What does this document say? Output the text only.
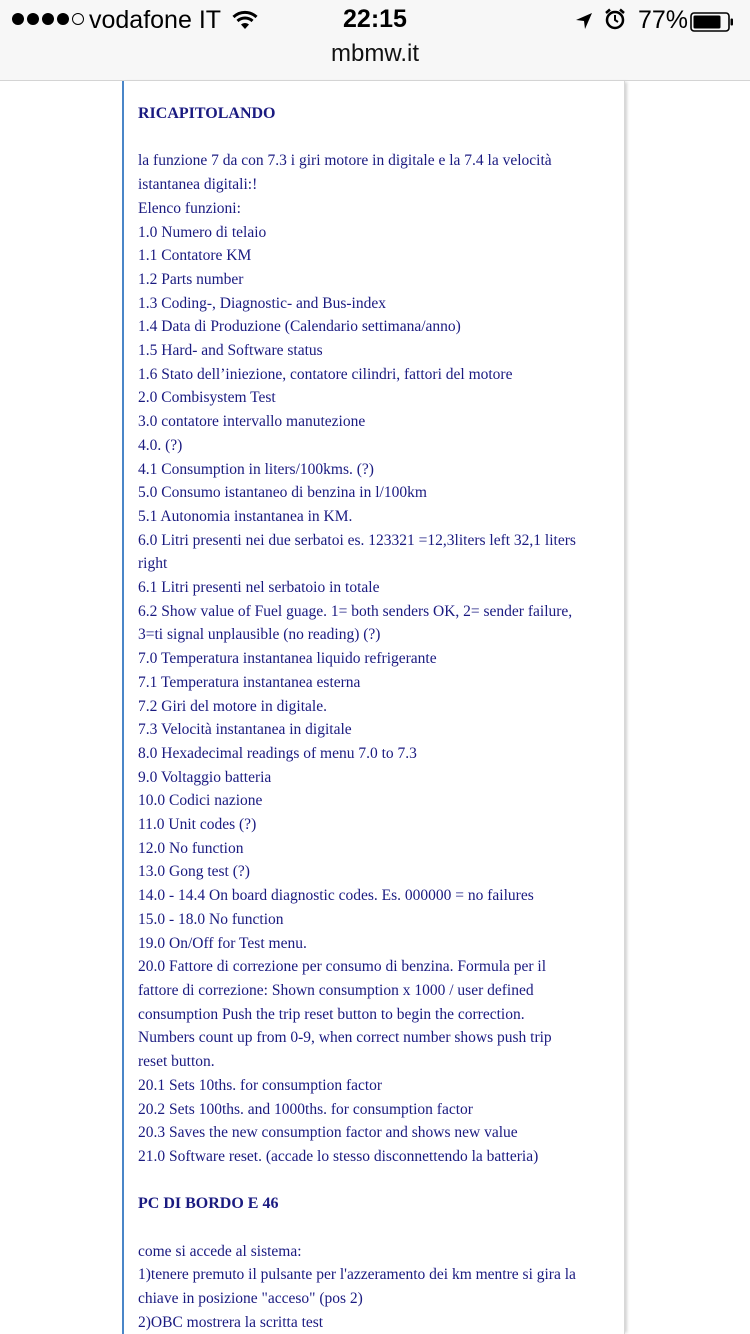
vodafone IT	22:15	77%
mbmw.it
RICAPITOLANDO
la funzione 7 da con 7.3 i giri motore in digitale e la 7.4 la velocità
istantanea digitali:!
Elenco funzioni:
1.0 Numero di telaio
1.1 Contatore KM
1.2 Parts number
1.3 Coding-, Diagnostic- and Bus-index
1.4 Data di Produzione (Calendario settimana/anno)
1.5 Hard- and Software status
1.6 Stato dell’iniezione, contatore cilindri, fattori del motore
2.0 Combisystem Test
3.0 contatore intervallo manutezione
4.0. (?)
4.1 Consumption in liters/100kms. (?)
5.0 Consumo istantaneo di benzina in l/100km
5.1 Autonomia instantanea in KM.
6.0 Litri presenti nei due serbatoi es. 123321 =12,3liters left 32,1 liters
right
6.1 Litri presenti nel serbatoio in totale
6.2 Show value of Fuel guage. 1= both senders OK, 2= sender failure,
3=ti signal unplausible (no reading) (?)
7.0 Temperatura instantanea liquido refrigerante
7.1 Temperatura instantanea esterna
7.2 Giri del motore in digitale.
7.3 Velocità instantanea in digitale
8.0 Hexadecimal readings of menu 7.0 to 7.3
9.0 Voltaggio batteria
10.0 Codici nazione
11.0 Unit codes (?)
12.0 No function
13.0 Gong test (?)
14.0 - 14.4 On board diagnostic codes. Es. 000000 = no failures
15.0 - 18.0 No function
19.0 On/Off for Test menu.
20.0 Fattore di correzione per consumo di benzina. Formula per il
fattore di correzione: Shown consumption x 1000 / user defined
consumption Push the trip reset button to begin the correction.
Numbers count up from 0-9, when correct number shows push trip
reset button.
20.1 Sets 10ths. for consumption factor
20.2 Sets 100ths. and 1000ths. for consumption factor
20.3 Saves the new consumption factor and shows new value
21.0 Software reset. (accade lo stesso disconnettendo la batteria)
PC DI BORDO E 46
come si accede al sistema:
1)tenere premuto il pulsante per l'azzeramento dei km mentre si gira la
chiave in posizione "acceso" (pos 2)
2)OBC mostrera la scritta test
